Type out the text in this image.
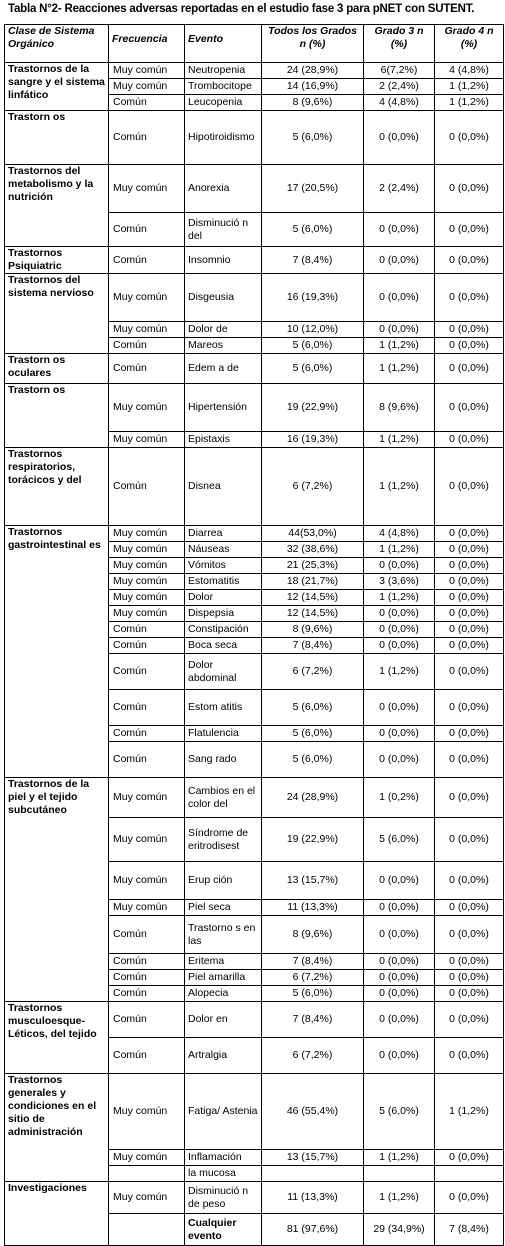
Tabla N°2- Reacciones adversas reportadas en el estudio fase 3 para pNET con SUTENT.
Clase de Sistema Orgánico	Frecuencia	Evento	Todos los Grados n (%)	Grado 3 n (%)	Grado 4 n (%)
Trastornos de la sangre y el sistema linfático	Muy común	Neutropenia	24 (28,9%)	6(7,2%)	4 (4,8%)
	Muy común	Trombocitope	14 (16,9%)	2 (2,4%)	1 (1,2%)
	Común	Leucopenia	8 (9,6%)	4 (4,8%)	1 (1,2%)
Trastorn os	Común	Hipotiroidismo	5 (6,0%)	0 (0,0%)	0 (0,0%)
Trastornos del metabolismo y la nutrición	Muy común	Anorexia	17 (20,5%)	2 (2,4%)	0 (0,0%)
	Común	Disminució n del	5 (6,0%)	0 (0,0%)	0 (0,0%)
Trastornos Psiquiatric	Común	Insomnio	7 (8,4%)	0 (0,0%)	0 (0,0%)
Trastornos del sistema nervioso	Muy común	Disgeusia	16 (19,3%)	0 (0,0%)	0 (0,0%)
	Muy común	Dolor de	10 (12,0%)	0 (0,0%)	0 (0,0%)
	Común	Mareos	5 (6,0%)	1 (1,2%)	0 (0,0%)
Trastorn os oculares	Común	Edem a de	5 (6,0%)	1 (1,2%)	0 (0,0%)
Trastorn os	Muy común	Hipertensión	19 (22,9%)	8 (9,6%)	0 (0,0%)
	Muy común	Epistaxis	16 (19,3%)	1 (1,2%)	0 (0,0%)
Trastornos respiratorios, torácicos y del	Común	Disnea	6 (7,2%)	1 (1,2%)	0 (0,0%)
Trastornos gastrointestinal es	Muy común	Diarrea	44(53,0%)	4 (4,8%)	0 (0,0%)
	Muy común	Náuseas	32 (38,6%)	1 (1,2%)	0 (0,0%)
	Muy común	Vómitos	21 (25,3%)	0 (0,0%)	0 (0,0%)
	Muy común	Estomatitis	18 (21,7%)	3 (3,6%)	0 (0,0%)
	Muy común	Dolor	12 (14,5%)	1 (1,2%)	0 (0,0%)
	Muy común	Dispepsia	12 (14,5%)	0 (0,0%)	0 (0,0%)
	Común	Constipación	8 (9,6%)	0 (0,0%)	0 (0,0%)
	Común	Boca seca	7 (8,4%)	0 (0,0%)	0 (0,0%)
	Común	Dolor abdominal	6 (7,2%)	1 (1,2%)	0 (0,0%)
	Común	Estom atitis	5 (6,0%)	0 (0,0%)	0 (0,0%)
	Común	Flatulencia	5 (6,0%)	0 (0,0%)	0 (0,0%)
	Común	Sang rado	5 (6,0%)	0 (0,0%)	0 (0,0%)
Trastornos de la piel y el tejido subcutáneo	Muy común	Cambios en el color del	24 (28,9%)	1 (0,2%)	0 (0,0%)
	Muy común	Síndrome de eritrodisest	19 (22,9%)	5 (6,0%)	0 (0,0%)
	Muy común	Erup ción	13 (15,7%)	0 (0,0%)	0 (0,0%)
	Muy común	Piel seca	11 (13,3%)	0 (0,0%)	0 (0,0%)
	Común	Trastorno s en las	8 (9,6%)	0 (0,0%)	0 (0,0%)
	Común	Eritema	7 (8,4%)	0 (0,0%)	0 (0,0%)
	Común	Piel amarilla	6 (7,2%)	0 (0,0%)	0 (0,0%)
	Común	Alopecia	5 (6,0%)	0 (0,0%)	0 (0,0%)
Trastornos musculoesque- Léticos, del tejido	Común	Dolor en	7 (8,4%)	0 (0,0%)	0 (0,0%)
	Común	Artralgia	6 (7,2%)	0 (0,0%)	0 (0,0%)
Trastornos generales y condiciones en el sitio de administración	Muy común	Fatiga/ Astenia	46 (55,4%)	5 (6,0%)	1 (1,2%)
	Muy común	Inflamación	13 (15,7%)	1 (1,2%)	0 (0,0%)
		la mucosa			
Investigaciones	Muy común	Disminució n de peso	11 (13,3%)	1 (1,2%)	0 (0,0%)
		Cualquier evento	81 (97,6%)	29 (34,9%)	7 (8,4%)
